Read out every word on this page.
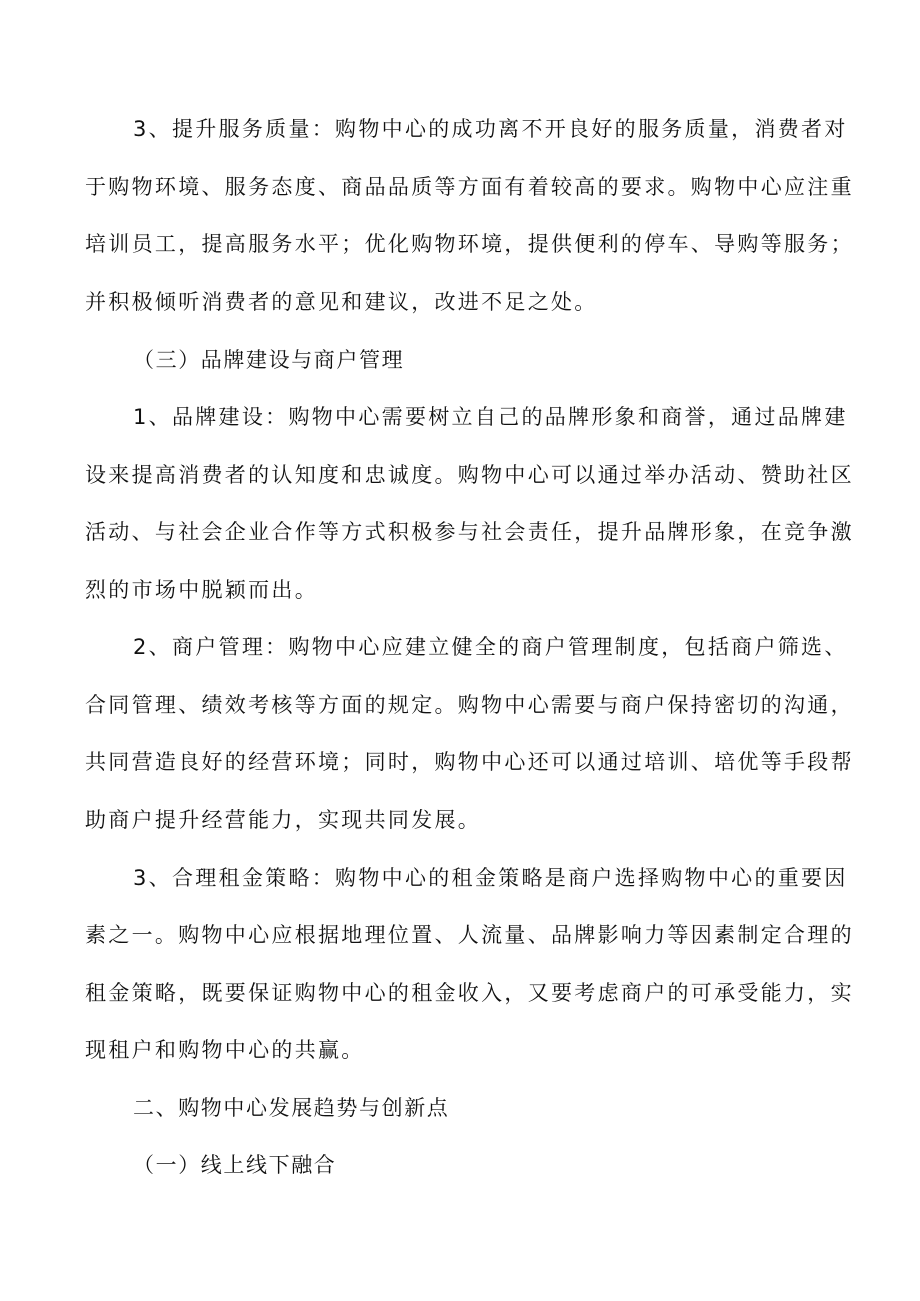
3、提升服务质量：购物中心的成功离不开良好的服务质量，消费者对
于购物环境、服务态度、商品品质等方面有着较高的要求。购物中心应注重
培训员工，提高服务水平；优化购物环境，提供便利的停车、导购等服务；
并积极倾听消费者的意见和建议，改进不足之处。
（三）品牌建设与商户管理
1、品牌建设：购物中心需要树立自己的品牌形象和商誉，通过品牌建
设来提高消费者的认知度和忠诚度。购物中心可以通过举办活动、赞助社区
活动、与社会企业合作等方式积极参与社会责任，提升品牌形象，在竞争激
烈的市场中脱颖而出。
2、商户管理：购物中心应建立健全的商户管理制度，包括商户筛选、
合同管理、绩效考核等方面的规定。购物中心需要与商户保持密切的沟通，
共同营造良好的经营环境；同时，购物中心还可以通过培训、培优等手段帮
助商户提升经营能力，实现共同发展。
3、合理租金策略：购物中心的租金策略是商户选择购物中心的重要因
素之一。购物中心应根据地理位置、人流量、品牌影响力等因素制定合理的
租金策略，既要保证购物中心的租金收入，又要考虑商户的可承受能力，实
现租户和购物中心的共赢。
二、购物中心发展趋势与创新点
（一）线上线下融合
